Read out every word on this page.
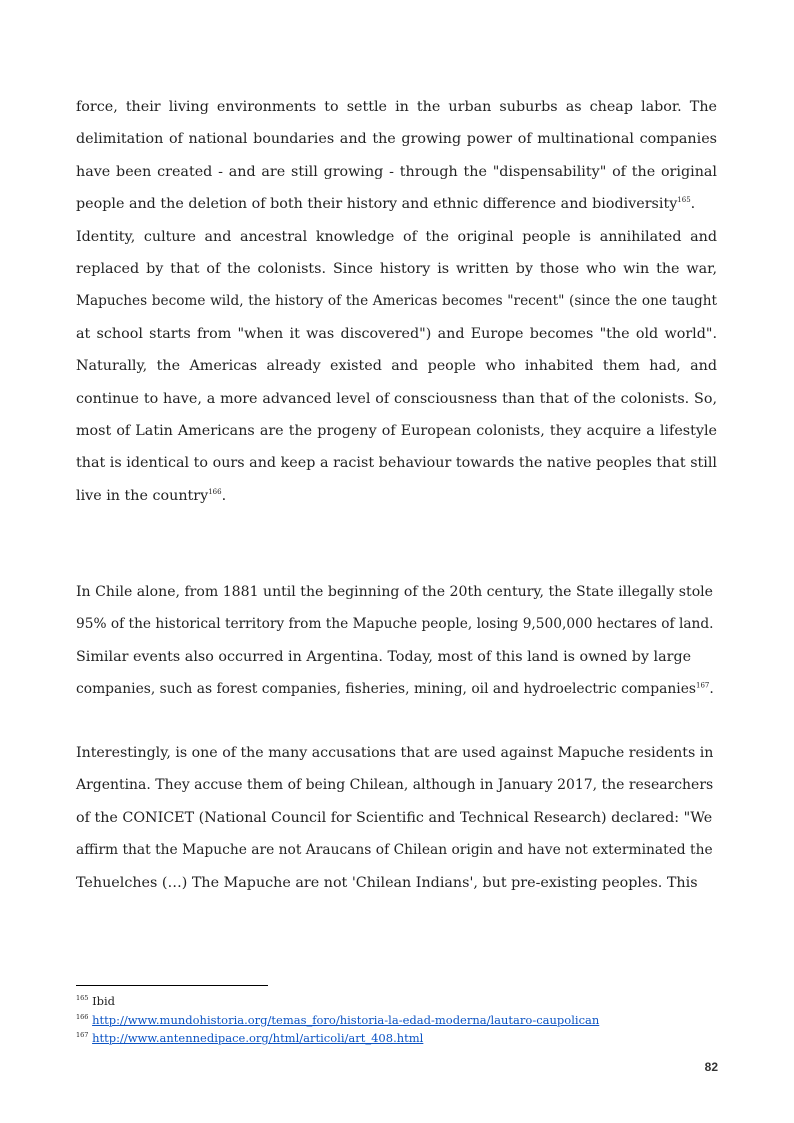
force, their living environments to settle in the urban suburbs as cheap labor. The
delimitation of national boundaries and the growing power of multinational companies
have been created - and are still growing - through the "dispensability" of the original
people and the deletion of both their history and ethnic difference and biodiversity$^{165}$.
Identity, culture and ancestral knowledge of the original people is annihilated and
replaced by that of the colonists. Since history is written by those who win the war,
Mapuches become wild, the history of the Americas becomes "recent" (since the one taught
at school starts from "when it was discovered") and Europe becomes "the old world".
Naturally, the Americas already existed and people who inhabited them had, and
continue to have, a more advanced level of consciousness than that of the colonists. So,
most of Latin Americans are the progeny of European colonists, they acquire a lifestyle
that is identical to ours and keep a racist behaviour towards the native peoples that still
live in the country$^{166}$.
In Chile alone, from 1881 until the beginning of the 20th century, the State illegally stole
95% of the historical territory from the Mapuche people, losing 9,500,000 hectares of land.
Similar events also occurred in Argentina. Today, most of this land is owned by large
companies, such as forest companies, fisheries, mining, oil and hydroelectric companies$^{167}$.
Interestingly, is one of the many accusations that are used against Mapuche residents in
Argentina. They accuse them of being Chilean, although in January 2017, the researchers
of the CONICET (National Council for Scientific and Technical Research) declared: "We
affirm that the Mapuche are not Araucans of Chilean origin and have not exterminated the
Tehuelches (…) The Mapuche are not 'Chilean Indians', but pre-existing peoples. This
$^{165}$ Ibid
$^{166}$ http://www.mundohistoria.org/temas_foro/historia-la-edad-moderna/lautaro-caupolican
$^{167}$ http://www.antennedipace.org/html/articoli/art_408.html
82
